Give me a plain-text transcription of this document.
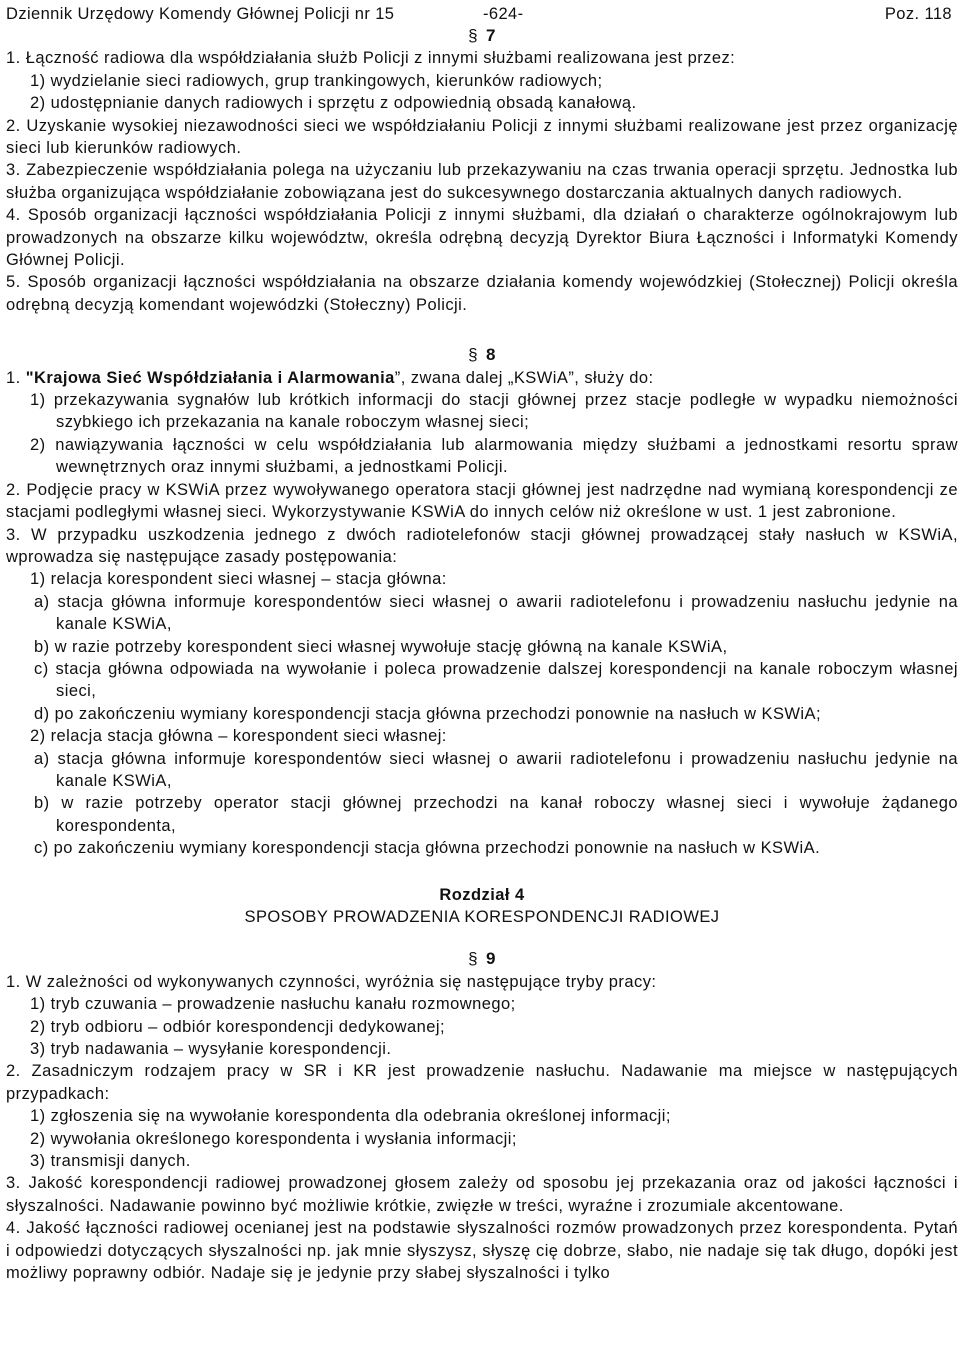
Dziennik Urzędowy Komendy Głównej Policji nr 15	-624-	Poz. 118
§ 7

1. Łączność radiowa dla współdziałania służb Policji z innymi służbami realizowana jest przez:

1) wydzielanie sieci radiowych, grup trankingowych, kierunków radiowych;

2) udostępnianie danych radiowych i sprzętu z odpowiednią obsadą kanałową.

2. Uzyskanie wysokiej niezawodności sieci we współdziałaniu Policji z innymi służbami realizowane jest przez organizację sieci lub kierunków radiowych.

3. Zabezpieczenie współdziałania polega na użyczaniu lub przekazywaniu na czas trwania operacji sprzętu. Jednostka lub służba organizująca współdziałanie zobowiązana jest do sukcesywnego dostarczania aktualnych danych radiowych.

4. Sposób organizacji łączności współdziałania Policji z innymi służbami, dla działań o charakterze ogólnokrajowym lub prowadzonych na obszarze kilku województw, określa odrębną decyzją Dyrektor Biura Łączności i Informatyki Komendy Głównej Policji.

5. Sposób organizacji łączności współdziałania na obszarze działania komendy wojewódzkiej (Stołecznej) Policji określa odrębną decyzją komendant wojewódzki (Stołeczny) Policji.

§ 8

1. "Krajowa Sieć Współdziałania i Alarmowania”, zwana dalej „KSWiA”, służy do:

1) przekazywania sygnałów lub krótkich informacji do stacji głównej przez stacje podległe w wypadku niemożności szybkiego ich przekazania na kanale roboczym własnej sieci;

2) nawiązywania łączności w celu współdziałania lub alarmowania między służbami a jednostkami resortu spraw wewnętrznych oraz innymi służbami, a jednostkami Policji.

2. Podjęcie pracy w KSWiA przez wywoływanego operatora stacji głównej jest nadrzędne nad wymianą korespondencji ze stacjami podległymi własnej sieci. Wykorzystywanie KSWiA do innych celów niż określone w ust. 1 jest zabronione.

3. W przypadku uszkodzenia jednego z dwóch radiotelefonów stacji głównej prowadzącej stały nasłuch w KSWiA, wprowadza się następujące zasady postępowania:

1) relacja korespondent sieci własnej – stacja główna:

a) stacja główna informuje korespondentów sieci własnej o awarii radiotelefonu i prowadzeniu nasłuchu jedynie na kanale KSWiA,

b) w razie potrzeby korespondent sieci własnej wywołuje stację główną na kanale KSWiA,

c) stacja główna odpowiada na wywołanie i poleca prowadzenie dalszej korespondencji na kanale roboczym własnej sieci,

d) po zakończeniu wymiany korespondencji stacja główna przechodzi ponownie na nasłuch w KSWiA;

2) relacja stacja główna – korespondent sieci własnej:

a) stacja główna informuje korespondentów sieci własnej o awarii radiotelefonu i prowadzeniu nasłuchu jedynie na kanale KSWiA,

b) w razie potrzeby operator stacji głównej przechodzi na kanał roboczy własnej sieci i wywołuje żądanego korespondenta,

c) po zakończeniu wymiany korespondencji stacja główna przechodzi ponownie na nasłuch w KSWiA.

Rozdział 4
SPOSOBY PROWADZENIA KORESPONDENCJI RADIOWEJ
§ 9

1. W zależności od wykonywanych czynności, wyróżnia się następujące tryby pracy:

1) tryb czuwania – prowadzenie nasłuchu kanału rozmownego;

2) tryb odbioru – odbiór korespondencji dedykowanej;

3) tryb nadawania – wysyłanie korespondencji.

2. Zasadniczym rodzajem pracy w SR i KR jest prowadzenie nasłuchu. Nadawanie ma miejsce w następujących przypadkach:

1) zgłoszenia się na wywołanie korespondenta dla odebrania określonej informacji;

2) wywołania określonego korespondenta i wysłania informacji;

3) transmisji danych.

3. Jakość korespondencji radiowej prowadzonej głosem zależy od sposobu jej przekazania oraz od jakości łączności i słyszalności. Nadawanie powinno być możliwie krótkie, zwięzłe w treści, wyraźne i zrozumiale akcentowane.

4. Jakość łączności radiowej ocenianej jest na podstawie słyszalności rozmów prowadzonych przez korespondenta. Pytań i odpowiedzi dotyczących słyszalności np. jak mnie słyszysz, słyszę cię dobrze, słabo, nie nadaje się tak długo, dopóki jest możliwy poprawny odbiór. Nadaje się je jedynie przy słabej słyszalności i tylko
